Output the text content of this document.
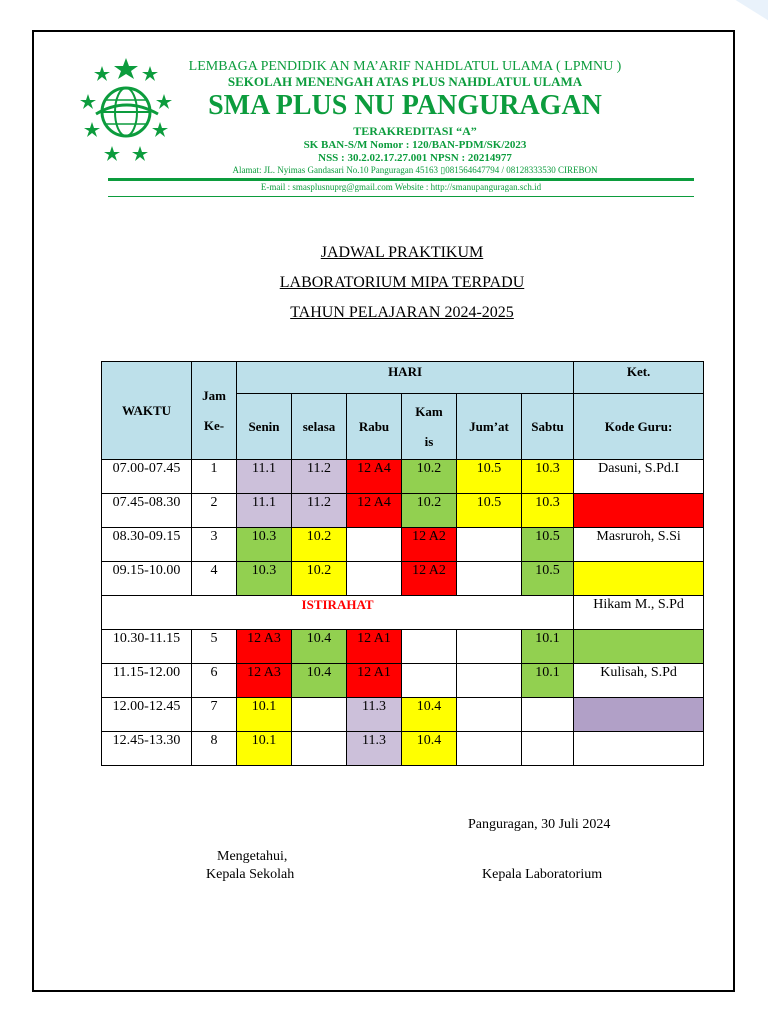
LEMBAGA PENDIDIK AN MA’ARIF NAHDLATUL ULAMA ( LPMNU )
SEKOLAH MENENGAH ATAS PLUS NAHDLATUL ULAMA
SMA PLUS NU PANGURAGAN
TERAKREDITASI “A”
SK BAN-S/M Nomor : 120/BAN-PDM/SK/2023
NSS : 30.2.02.17.27.001 NPSN : 20214977
Alamat: JL. Nyimas Gandasari No.10 Panguragan 45163 ▯081564647794 / 08128333530 CIREBON
E-mail : smasplusnuprg@gmail.com Website : http://smanupanguragan.sch.id
JADWAL PRAKTIKUM
LABORATORIUM MIPA TERPADU
TAHUN PELAJARAN 2024-2025
WAKTU	Jam
Ke-	HARI						Ket.
		Senin	selasa	Rabu	Kamis	Jum’at	Sabtu	Kode Guru:
07.00-07.45	1	11.1	11.2	12 A4	10.2	10.5	10.3	Dasuni, S.Pd.I
07.45-08.30	2	11.1	11.2	12 A4	10.2	10.5	10.3	
08.30-09.15	3	10.3	10.2		12 A2		10.5	Masruroh, S.Si
09.15-10.00	4	10.3	10.2		12 A2		10.5	
ISTIRAHAT								Hikam M., S.Pd
10.30-11.15	5	12 A3	10.4	12 A1			10.1	
11.15-12.00	6	12 A3	10.4	12 A1			10.1	Kulisah, S.Pd
12.00-12.45	7	10.1		11.3	10.4			
12.45-13.30	8	10.1		11.3	10.4			
Panguragan, 30 Juli 2024
Mengetahui,
Kepala Sekolah	Kepala Laboratorium
